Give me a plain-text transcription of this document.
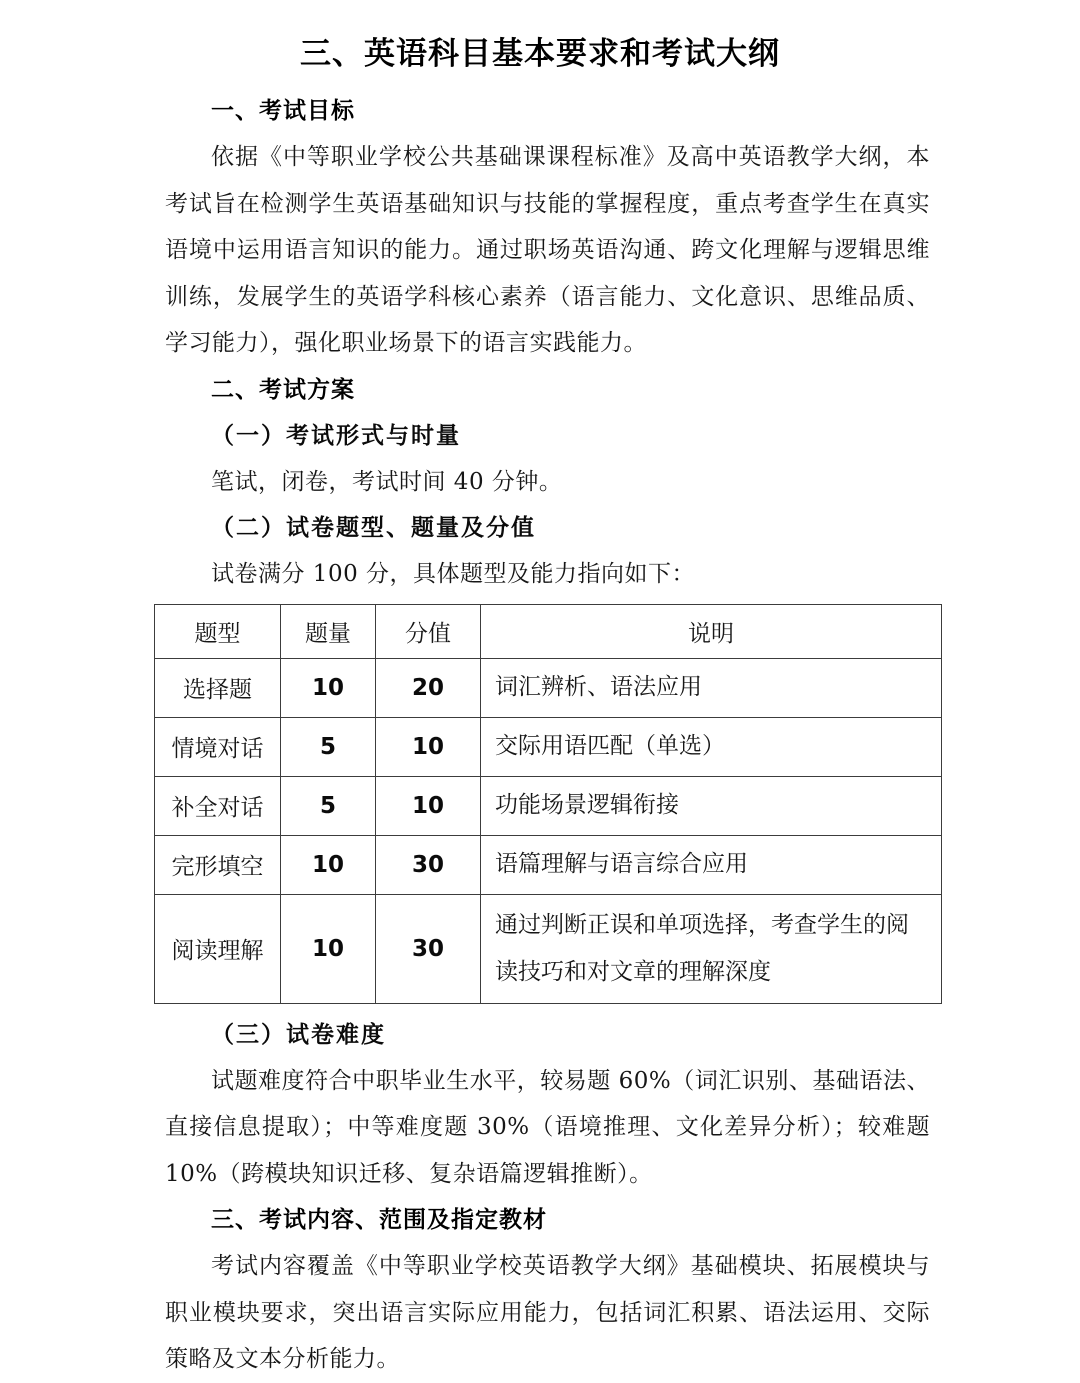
三、英语科目基本要求和考试大纲
一、考试目标

依据《中等职业学校公共基础课课程标准》及高中英语教学大纲，本考试旨在检测学生英语基础知识与技能的掌握程度，重点考查学生在真实语境中运用语言知识的能力。通过职场英语沟通、跨文化理解与逻辑思维训练，发展学生的英语学科核心素养（语言能力、文化意识、思维品质、学习能力），强化职业场景下的语言实践能力。

二、考试方案
（一）考试形式与时量

笔试，闭卷，考试时间 40 分钟。

（二）试卷题型、题量及分值

试卷满分 100 分，具体题型及能力指向如下：

题型	题量	分值	说明
选择题	10	20	词汇辨析、语法应用
情境对话	5	10	交际用语匹配（单选）
补全对话	5	10	功能场景逻辑衔接
完形填空	10	30	语篇理解与语言综合应用
阅读理解	10	30	通过判断正误和单项选择，考查学生的阅读技巧和对文章的理解深度
（三）试卷难度

试题难度符合中职毕业生水平，较易题 60%（词汇识别、基础语法、直接信息提取）；中等难度题 30%（语境推理、文化差异分析）；较难题 10%（跨模块知识迁移、复杂语篇逻辑推断）。

三、考试内容、范围及指定教材

考试内容覆盖《中等职业学校英语教学大纲》基础模块、拓展模块与职业模块要求，突出语言实际应用能力，包括词汇积累、语法运用、交际策略及文本分析能力。
